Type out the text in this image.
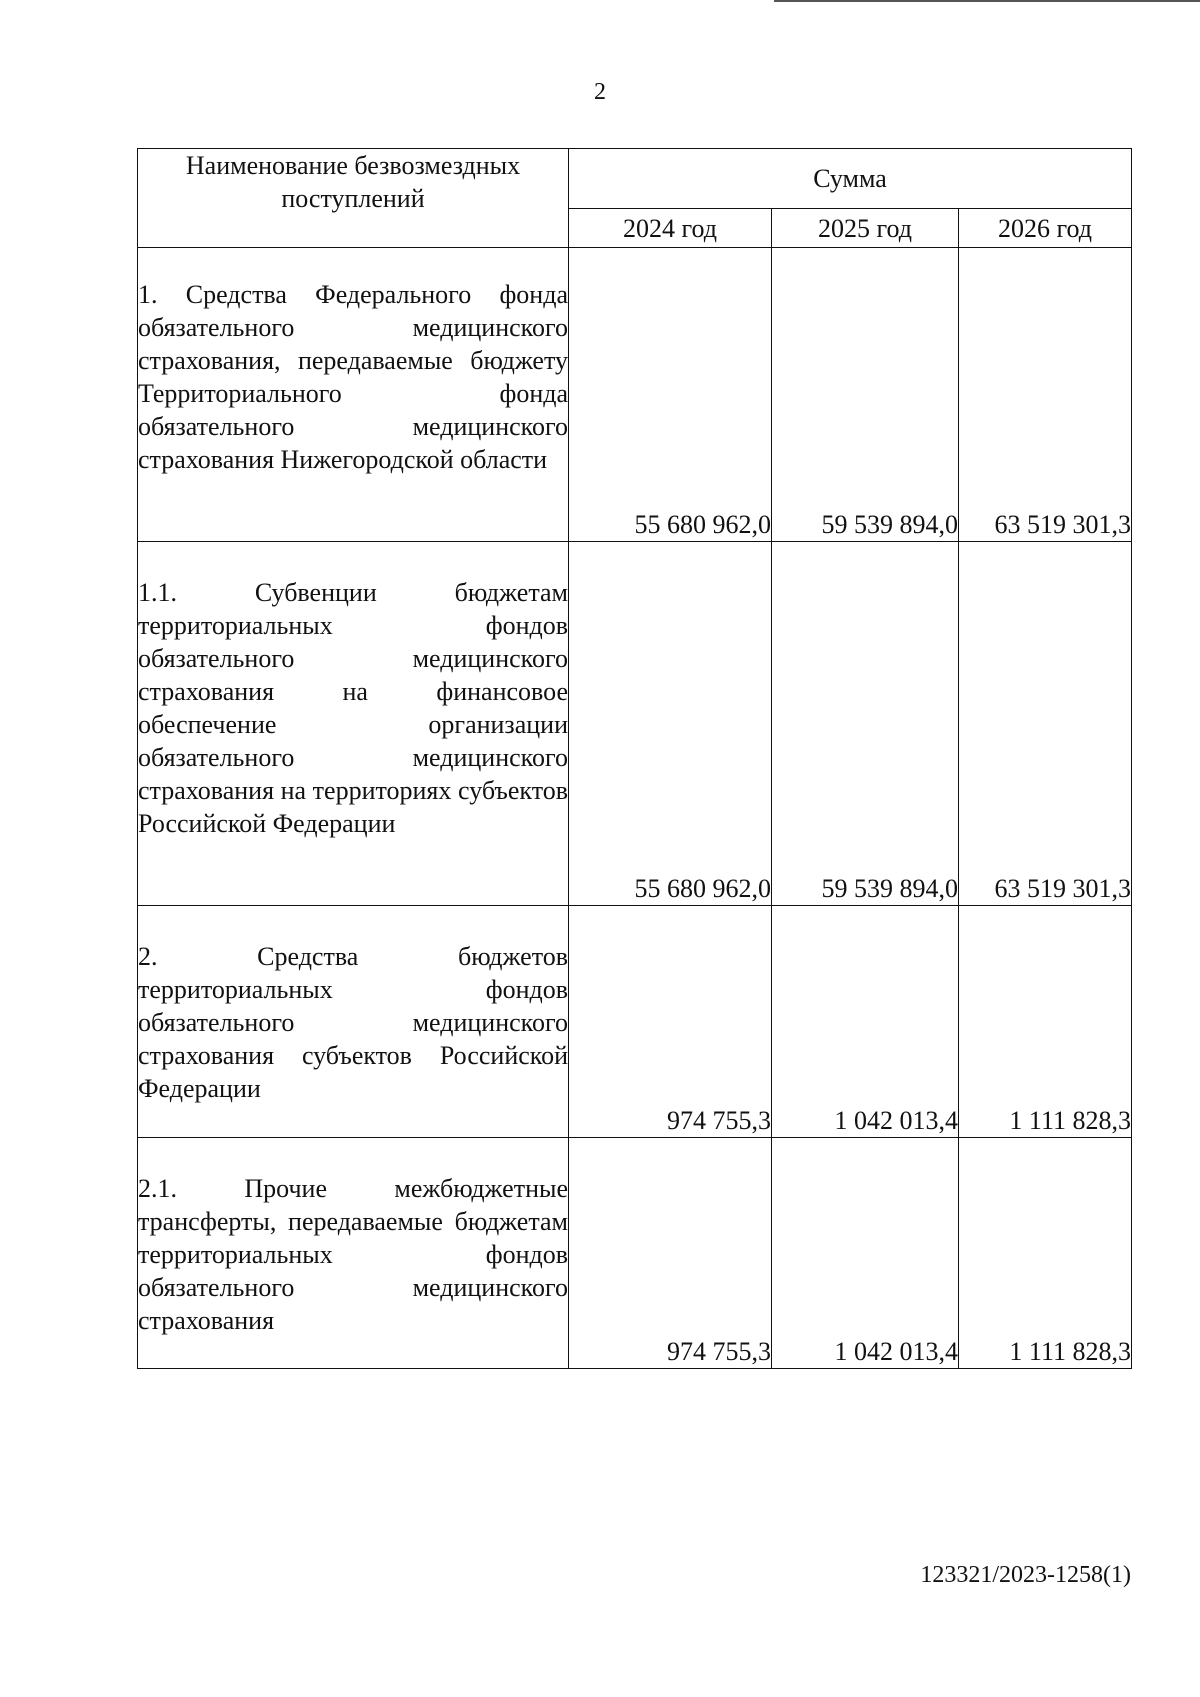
2
Наименование безвозмездных поступлений	Сумма		
	2024 год	2025 год	2026 год
1. Средства Федерального фонда обязательного медицинского страхования, передаваемые бюджету Территориального фонда обязательного медицинского страхования Нижегородской области	55 680 962,0	59 539 894,0	63 519 301,3
1.1. Субвенции бюджетам территориальных фондов обязательного медицинского страхования на финансовое обеспечение организации обязательного медицинского страхования на территориях субъектов Российской Федерации	55 680 962,0	59 539 894,0	63 519 301,3
2. Средства бюджетов территориальных фондов обязательного медицинского страхования субъектов Российской Федерации	974 755,3	1 042 013,4	1 111 828,3
2.1. Прочие межбюджетные трансферты, передаваемые бюджетам территориальных фондов обязательного медицинского страхования	974 755,3	1 042 013,4	1 111 828,3
123321/2023-1258(1)
